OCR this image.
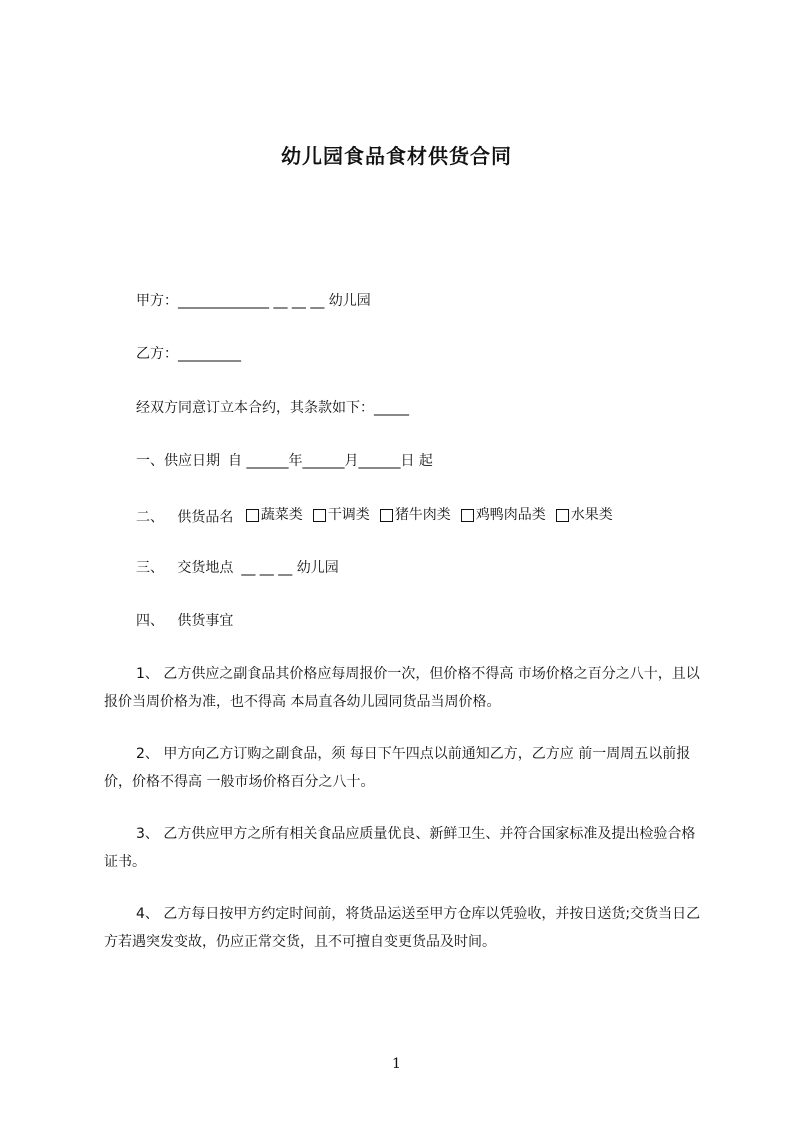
幼儿园食品食材供货合同
甲方：_____________ __ __ __ 幼儿园
乙方：_________
经双方同意订立本合约，其条款如下：_____
一、供应日期 自 ______年______月______日 起
二、   供货品名 蔬菜类 干调类 猪牛肉类 鸡鸭肉品类 水果类
三、   交货地点 __ __ __ 幼儿园
四、   供货事宜
1、 乙方供应之副食品其价格应每周报价一次，但价格不得高 市场价格之百分之八十，且以报价当周价格为准，也不得高 本局直各幼儿园同货品当周价格。
2、 甲方向乙方订购之副食品，须 每日下午四点以前通知乙方，乙方应 前一周周五以前报价，价格不得高 一般市场价格百分之八十。
3、 乙方供应甲方之所有相关食品应质量优良、新鲜卫生、并符合国家标准及提出检验合格证书。
4、 乙方每日按甲方约定时间前，将货品运送至甲方仓库以凭验收，并按日送货;交货当日乙方若遇突发变故，仍应正常交货，且不可擅自变更货品及时间。
1
